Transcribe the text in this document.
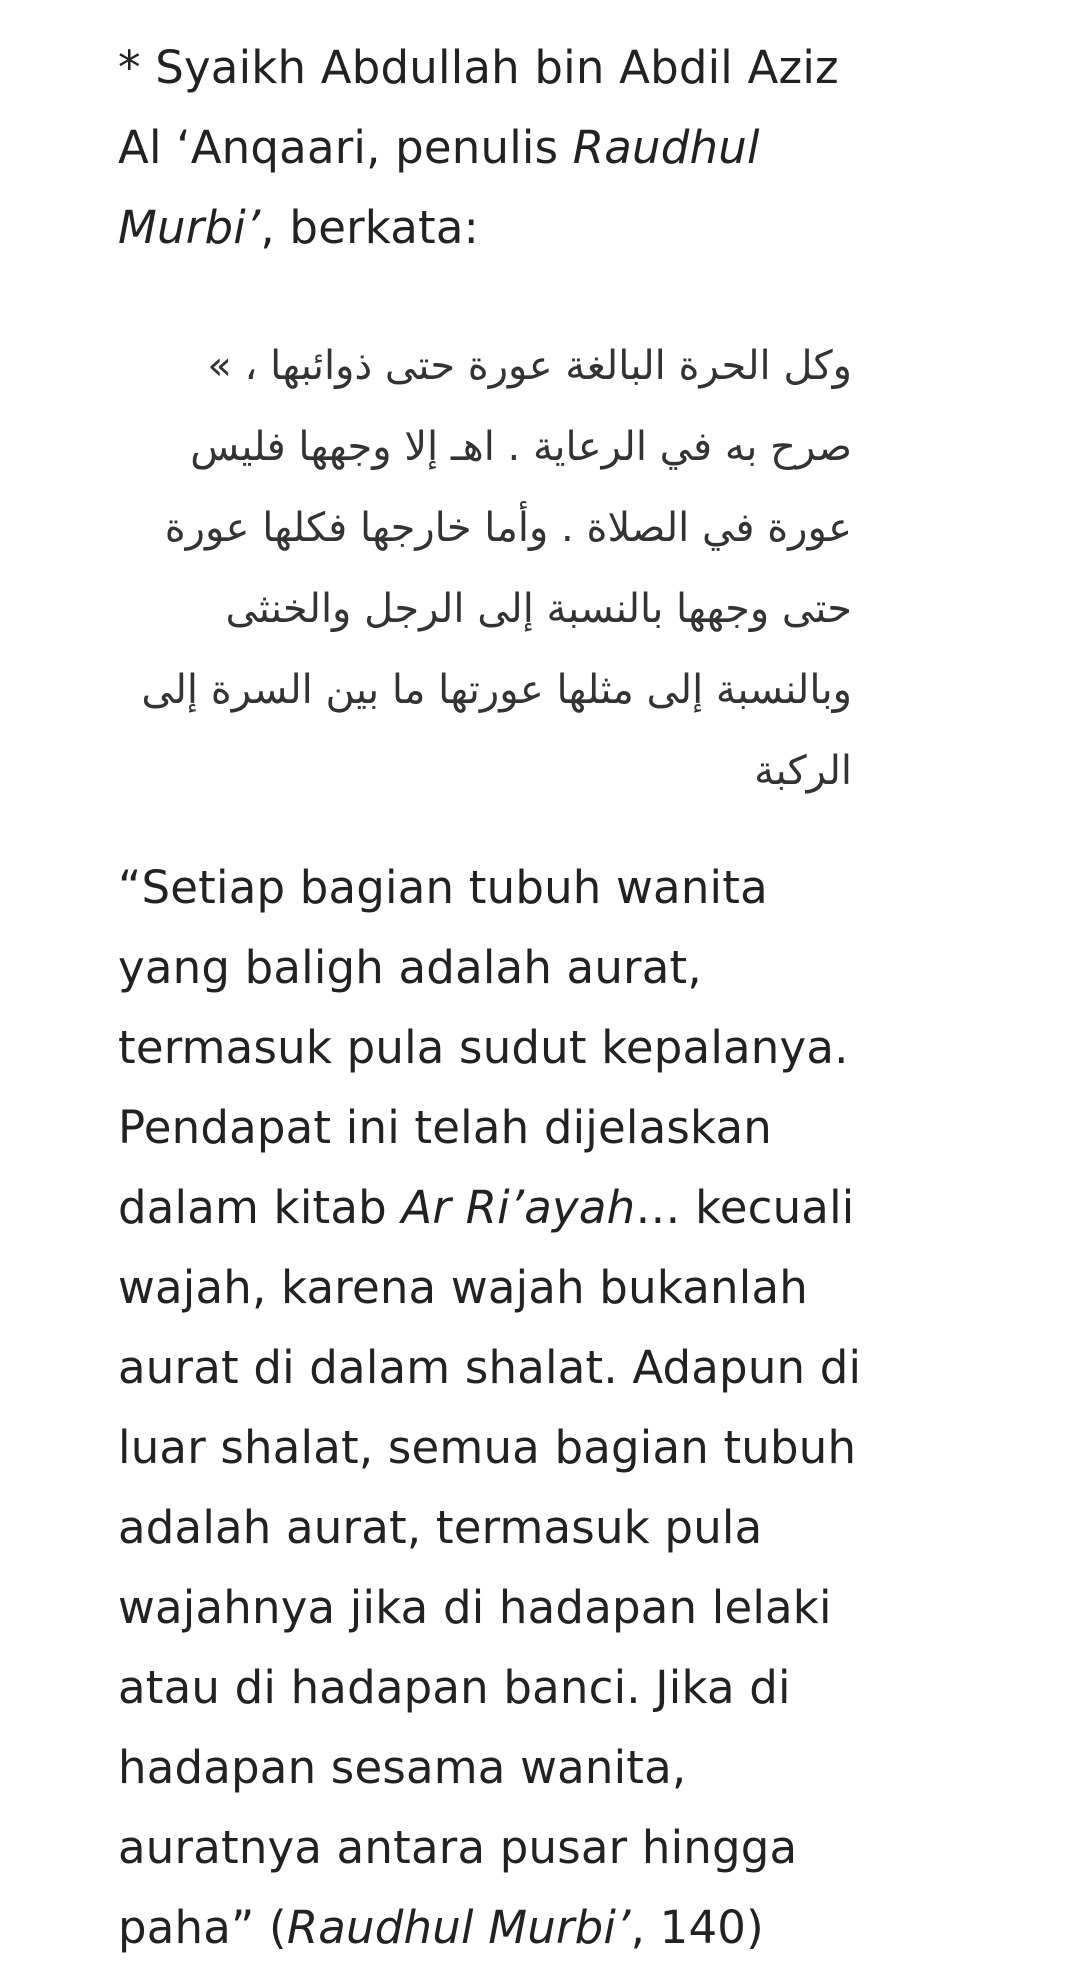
* Syaikh Abdullah bin Abdil Aziz Al ‘Anqaari, penulis Raudhul Murbi’, berkata:

وكل الحرة البالغة عورة حتى ذوائبها ، » صرح به في الرعاية . اهـ إلا وجهها فليس عورة في الصلاة . وأما خارجها فكلها عورة حتى وجهها بالنسبة إلى الرجل والخنثى وبالنسبة إلى مثلها عورتها ما بين السرة إلى الركبة

“Setiap bagian tubuh wanita yang baligh adalah aurat, termasuk pula sudut kepalanya. Pendapat ini telah dijelaskan dalam kitab Ar Ri’ayah… kecuali wajah, karena wajah bukanlah aurat di dalam shalat. Adapun di luar shalat, semua bagian tubuh adalah aurat, termasuk pula wajahnya jika di hadapan lelaki atau di hadapan banci. Jika di hadapan sesama wanita, auratnya antara pusar hingga paha” (Raudhul Murbi’, 140)
